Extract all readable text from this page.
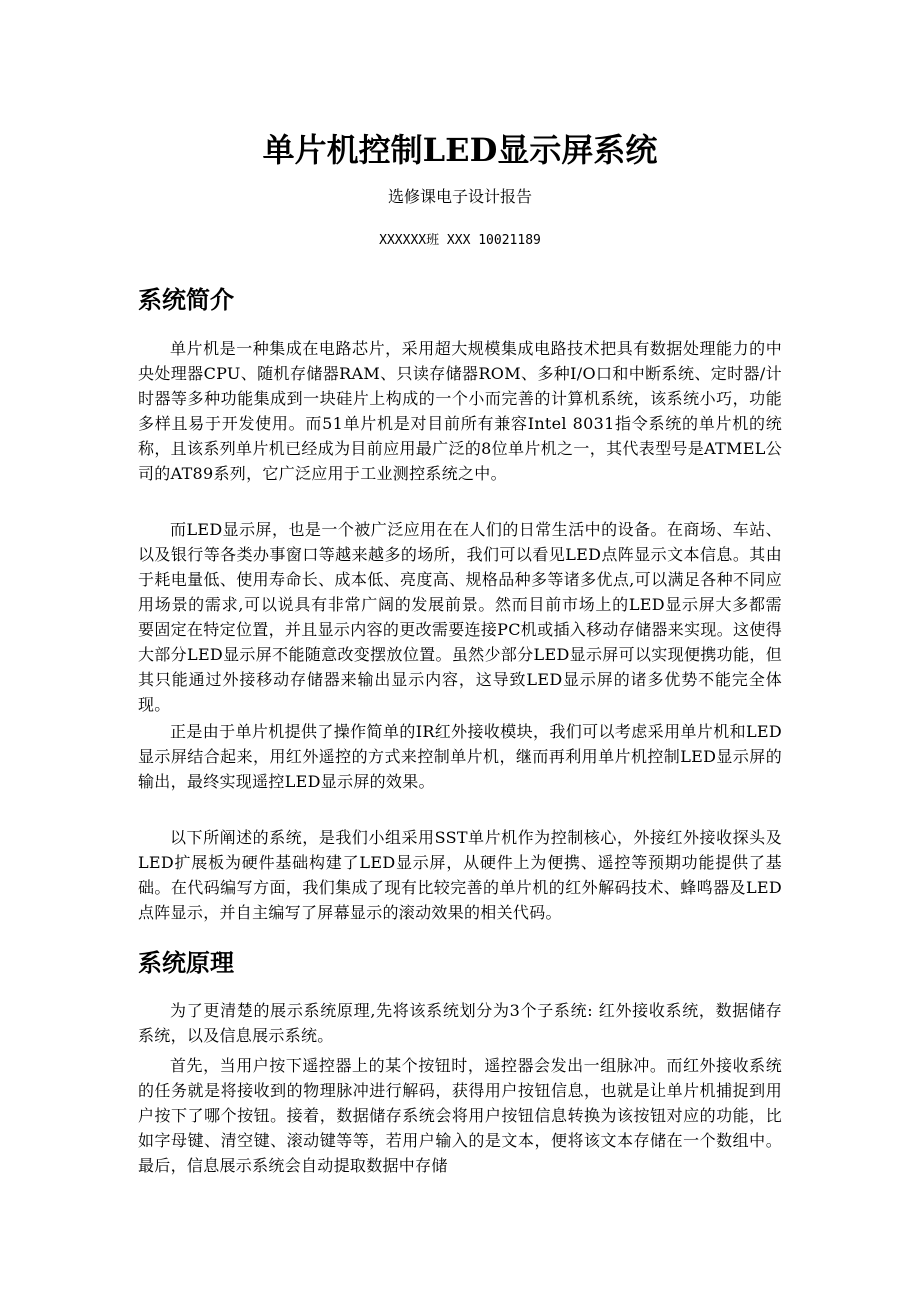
单片机控制LED显示屏系统

选修课电子设计报告

XXXXXX班 XXX 10021189

系统简介

单片机是一种集成在电路芯片，采用超大规模集成电路技术把具有数据处理能力的中央处理器CPU、随机存储器RAM、只读存储器ROM、多种I/O口和中断系统、定时器/计时器等多种功能集成到一块硅片上构成的一个小而完善的计算机系统，该系统小巧，功能多样且易于开发使用。而51单片机是对目前所有兼容Intel 8031指令系统的单片机的统称，且该系列单片机已经成为目前应用最广泛的8位单片机之一，其代表型号是ATMEL公司的AT89系列，它广泛应用于工业测控系统之中。

而LED显示屏，也是一个被广泛应用在在人们的日常生活中的设备。在商场、车站、以及银行等各类办事窗口等越来越多的场所，我们可以看见LED点阵显示文本信息。其由于耗电量低、使用寿命长、成本低、亮度高、规格品种多等诸多优点,可以满足各种不同应用场景的需求,可以说具有非常广阔的发展前景。然而目前市场上的LED显示屏大多都需要固定在特定位置，并且显示内容的更改需要连接PC机或插入移动存储器来实现。这使得大部分LED显示屏不能随意改变摆放位置。虽然少部分LED显示屏可以实现便携功能，但其只能通过外接移动存储器来输出显示内容，这导致LED显示屏的诸多优势不能完全体现。

正是由于单片机提供了操作简单的IR红外接收模块，我们可以考虑采用单片机和LED显示屏结合起来，用红外遥控的方式来控制单片机，继而再利用单片机控制LED显示屏的输出，最终实现遥控LED显示屏的效果。

以下所阐述的系统，是我们小组采用SST单片机作为控制核心，外接红外接收探头及LED扩展板为硬件基础构建了LED显示屏，从硬件上为便携、遥控等预期功能提供了基础。在代码编写方面，我们集成了现有比较完善的单片机的红外解码技术、蜂鸣器及LED点阵显示，并自主编写了屏幕显示的滚动效果的相关代码。

系统原理

为了更清楚的展示系统原理,先将该系统划分为3个子系统: 红外接收系统，数据储存系统，以及信息展示系统。

首先，当用户按下遥控器上的某个按钮时，遥控器会发出一组脉冲。而红外接收系统的任务就是将接收到的物理脉冲进行解码，获得用户按钮信息，也就是让单片机捕捉到用户按下了哪个按钮。接着，数据储存系统会将用户按钮信息转换为该按钮对应的功能，比如字母键、清空键、滚动键等等，若用户输入的是文本，便将该文本存储在一个数组中。最后，信息展示系统会自动提取数据中存储
